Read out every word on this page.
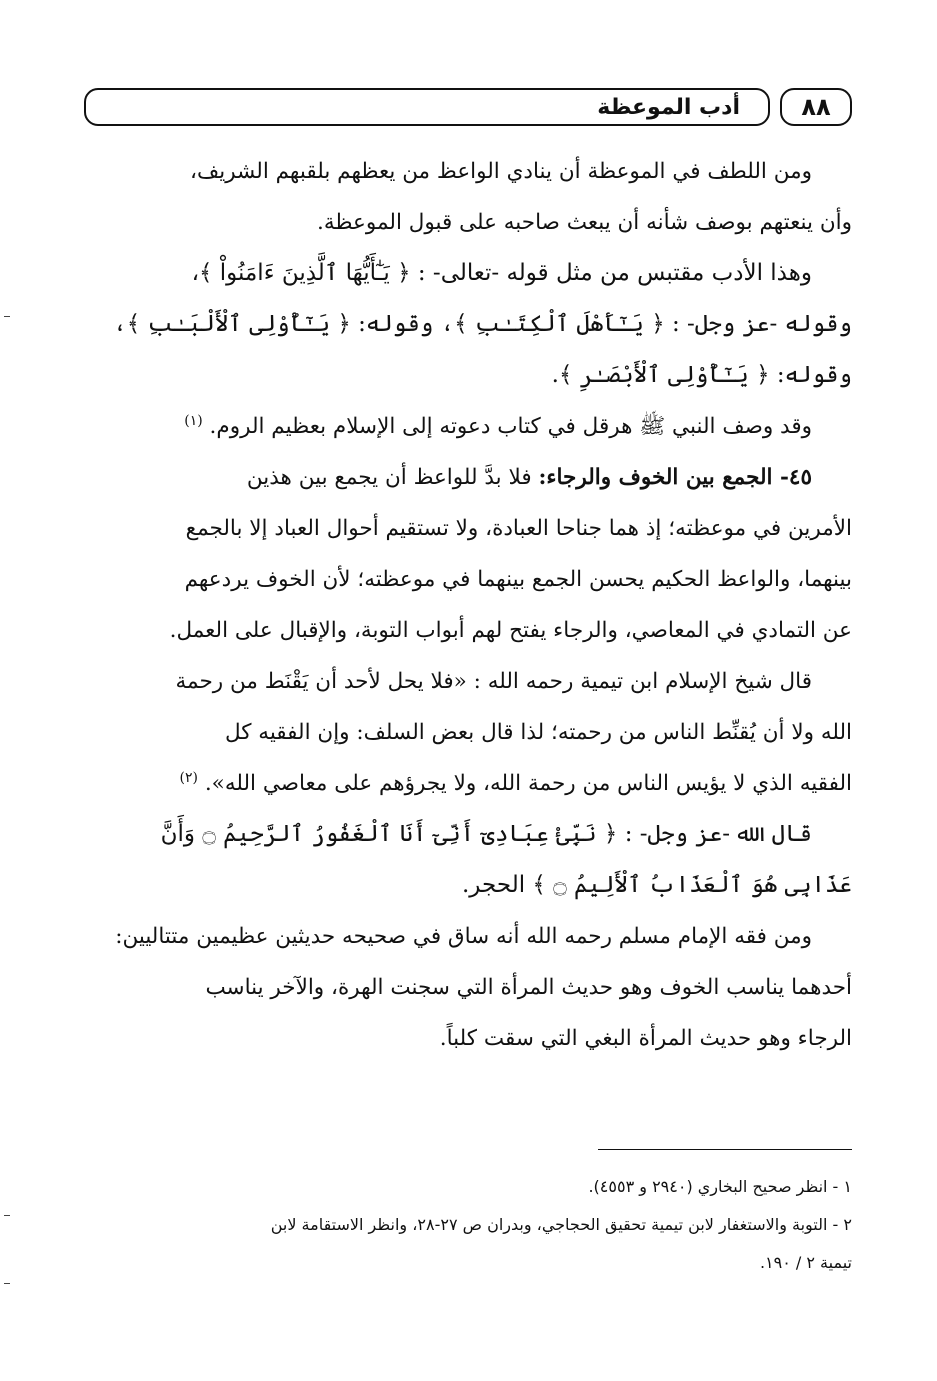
٨٨
أدب الموعظة
ومن اللطف في الموعظة أن ينادي الواعظ من يعظهم بلقبهم الشريف،
وأن ينعتهم بوصف شأنه أن يبعث صاحبه على قبول الموعظة.
وهذا الأدب مقتبس من مثل قوله -تعالى- : ﴿ يَـٰٓأَيُّهَا ٱلَّذِينَ ءَامَنُواْ ﴾،
وقوله -عز وجل- : ﴿ يَـٰٓأَهْلَ ٱلْكِتَـٰبِ ﴾، وقوله: ﴿ يَـٰٓأُوْلِى ٱلْأَلْبَـٰبِ ﴾،
وقوله: ﴿ يَـٰٓأُوْلِى ٱلْأَبْصَـٰرِ ﴾.
وقد وصف النبي ﷺ هرقل في كتاب دعوته إلى الإسلام بعظيم الروم. $^{(١)}$
٤٥- الجمع بين الخوف والرجاء: فلا بدَّ للواعظ أن يجمع بين هذين
الأمرين في موعظته؛ إذ هما جناحا العبادة، ولا تستقيم أحوال العباد إلا بالجمع
بينهما، والواعظ الحكيم يحسن الجمع بينهما في موعظته؛ لأن الخوف يردعهم
عن التمادي في المعاصي، والرجاء يفتح لهم أبواب التوبة، والإقبال على العمل.
قال شيخ الإسلام ابن تيمية رحمه الله : «فلا يحل لأحد أن يَقْنَط من رحمة
الله ولا أن يُقنِّط الناس من رحمته؛ لذا قال بعض السلف: وإن الفقيه كل
الفقيه الذي لا يؤيس الناس من رحمة الله، ولا يجرؤهم على معاصي الله». $^{(٢)}$
قال الله -عز وجل- : ﴿ نَبِّئْ عِبَادِىٓ أَنِّىٓ أَنَا ٱلْغَفُورُ ٱلرَّحِيمُ ۝ وَأَنَّ
عَذَابِى هُوَ ٱلْعَذَابُ ٱلْأَلِيمُ ۝ ﴾ الحجر.
ومن فقه الإمام مسلم رحمه الله أنه ساق في صحيحه حديثين عظيمين متتاليين:
أحدهما يناسب الخوف وهو حديث المرأة التي سجنت الهرة، والآخر يناسب
الرجاء وهو حديث المرأة البغي التي سقت كلباً.
١ - انظر صحيح البخاري (٢٩٤٠ و ٤٥٥٣).
٢ - التوبة والاستغفار لابن تيمية تحقيق الحجاجي، وبدران ص ٢٧-٢٨، وانظر الاستقامة لابن
تيمية ٢ / ١٩٠.
